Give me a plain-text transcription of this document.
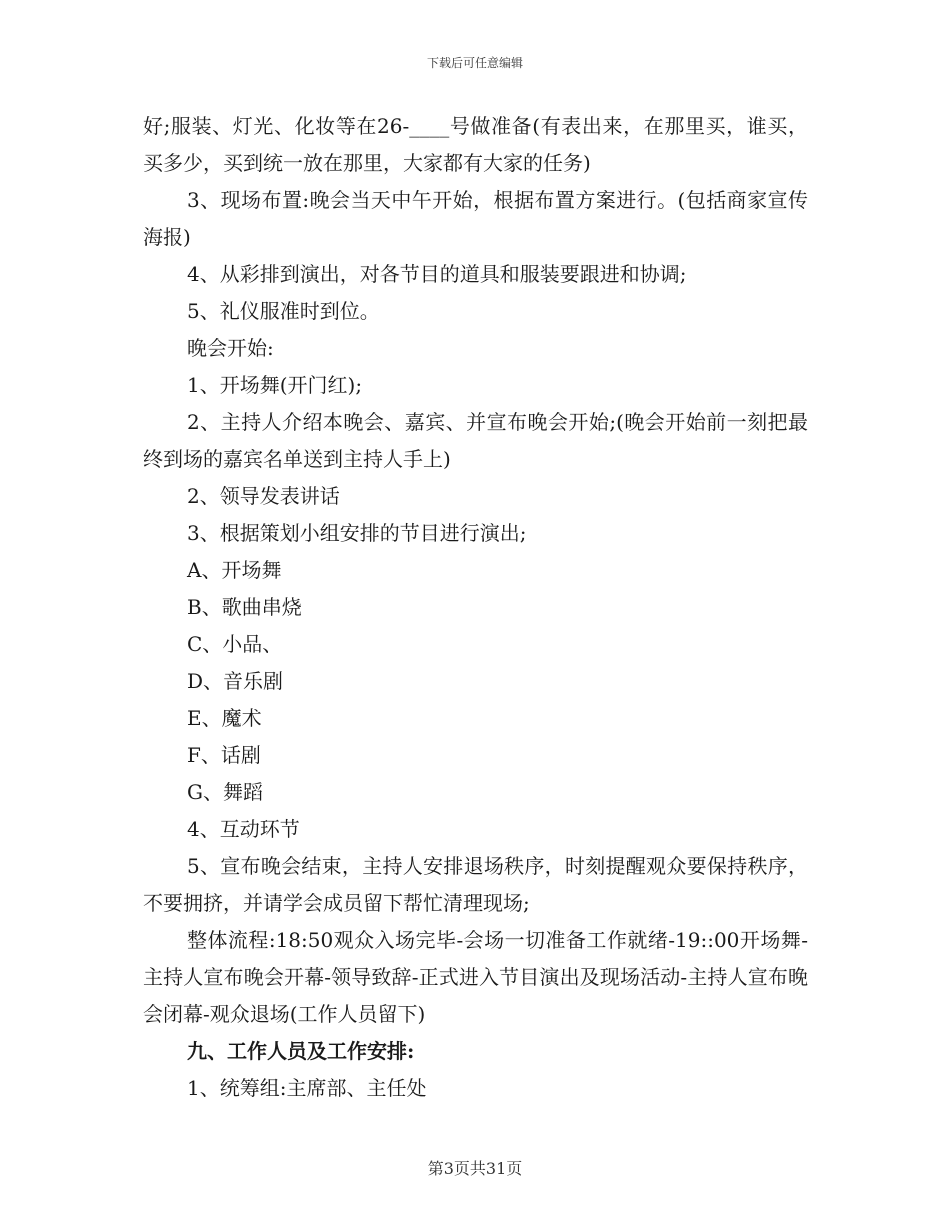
下载后可任意编辑

好;服装、灯光、化妆等在26-____号做准备(有表出来，在那里买，谁买，买多少，买到统一放在那里，大家都有大家的任务)

3、现场布置:晚会当天中午开始，根据布置方案进行。(包括商家宣传海报)

4、从彩排到演出，对各节目的道具和服装要跟进和协调;

5、礼仪服准时到位。

晚会开始:

1、开场舞(开门红);

2、主持人介绍本晚会、嘉宾、并宣布晚会开始;(晚会开始前一刻把最终到场的嘉宾名单送到主持人手上)

2、领导发表讲话

3、根据策划小组安排的节目进行演出;

A、开场舞

B、歌曲串烧

C、小品、

D、音乐剧

E、魔术

F、话剧

G、舞蹈

4、互动环节

5、宣布晚会结束，主持人安排退场秩序，时刻提醒观众要保持秩序，不要拥挤，并请学会成员留下帮忙清理现场;

整体流程:18:50观众入场完毕-会场一切准备工作就绪-19::00开场舞-主持人宣布晚会开幕-领导致辞-正式进入节目演出及现场活动-主持人宣布晚会闭幕-观众退场(工作人员留下)

九、工作人员及工作安排:

1、统筹组:主席部、主任处

第3页共31页
